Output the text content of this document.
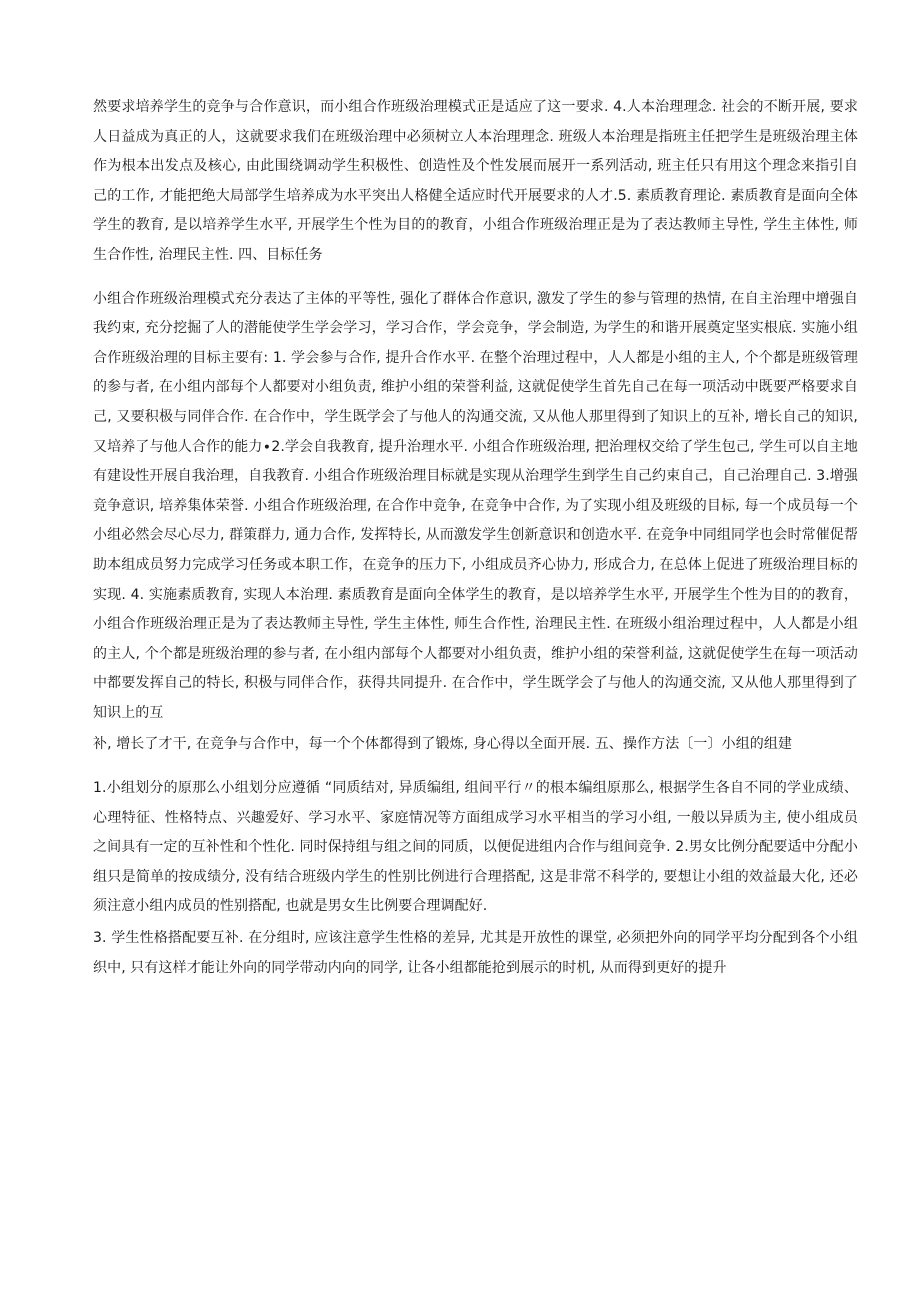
然要求培养学生的竞争与合作意识，而小组合作班级治理模式正是适应了这一要求. 4.人本治理理念. 社会的不断开展, 要求人日益成为真正的人，这就要求我们在班级治理中必须树立人本治理理念. 班级人本治理是指班主任把学生是班级治理主体作为根本出发点及核心, 由此围绕调动学生积极性、创造性及个性发展而展开一系列活动, 班主任只有用这个理念来指引自己的工作, 才能把绝大局部学生培养成为水平突出人格健全适应时代开展要求的人才.5. 素质教育理论. 素质教育是面向全体学生的教育, 是以培养学生水平, 开展学生个性为目的的教育，小组合作班级治理正是为了表达教师主导性, 学生主体性, 师生合作性, 治理民主性. 四、目标任务

小组合作班级治理模式充分表达了主体的平等性, 强化了群体合作意识, 激发了学生的参与管理的热情, 在自主治理中增强自我约束, 充分挖掘了人的潜能使学生学会学习，学习合作，学会竞争，学会制造, 为学生的和谐开展奠定坚实根底. 实施小组合作班级治理的目标主要有: 1. 学会参与合作, 提升合作水平. 在整个治理过程中，人人都是小组的主人, 个个都是班级管理的参与者, 在小组内部每个人都要对小组负责, 维护小组的荣誉利益, 这就促使学生首先自己在每一项活动中既要严格要求自己, 又要积极与同伴合作. 在合作中，学生既学会了与他人的沟通交流, 又从他人那里得到了知识上的互补, 增长自己的知识, 又培养了与他人合作的能力∙2.学会自我教育, 提升治理水平. 小组合作班级治理, 把治理权交给了学生包己, 学生可以自主地有建设性开展自我治理，自我教育. 小组合作班级治理目标就是实现从治理学生到学生自己约束自己，自己治理自己. 3.增强竞争意识, 培养集体荣誉. 小组合作班级治理, 在合作中竞争, 在竞争中合作, 为了实现小组及班级的目标, 每一个成员每一个小组必然会尽心尽力, 群策群力, 通力合作, 发挥特长, 从而激发学生创新意识和创造水平. 在竞争中同组同学也会时常催促帮助本组成员努力完成学习任务或本职工作，在竞争的压力下, 小组成员齐心协力, 形成合力, 在总体上促进了班级治理目标的实现. 4. 实施素质教育, 实现人本治理. 素质教育是面向全体学生的教育，是以培养学生水平, 开展学生个性为目的的教育，小组合作班级治理正是为了表达教师主导性, 学生主体性, 师生合作性, 治理民主性. 在班级小组治理过程中，人人都是小组的主人, 个个都是班级治理的参与者, 在小组内部每个人都要对小组负责，维护小组的荣誉利益, 这就促使学生在每一项活动中都要发挥自己的特长, 积极与同伴合作，获得共同提升. 在合作中，学生既学会了与他人的沟通交流, 又从他人那里得到了知识上的互

补, 增长了才干, 在竞争与合作中，每一个个体都得到了锻炼, 身心得以全面开展. 五、操作方法〔一〕小组的组建

1.小组划分的原那么小组划分应遵循 “同质结对, 异质编组, 组间平行〃的根本编组原那么, 根据学生各自不同的学业成绩、心理特征、性格特点、兴趣爱好、学习水平、家庭情况等方面组成学习水平相当的学习小组, 一般以异质为主, 使小组成员之间具有一定的互补性和个性化. 同时保持组与组之间的同质，以便促进组内合作与组间竞争. 2.男女比例分配要适中分配小组只是简单的按成绩分, 没有结合班级内学生的性别比例进行合理搭配, 这是非常不科学的, 要想让小组的效益最大化, 还必须注意小组内成员的性别搭配, 也就是男女生比例要合理调配好.

3. 学生性格搭配要互补. 在分组时, 应该注意学生性格的差异, 尤其是开放性的课堂, 必须把外向的同学平均分配到各个小组织中, 只有这样才能让外向的同学带动内向的同学, 让各小组都能抢到展示的时机, 从而得到更好的提升
